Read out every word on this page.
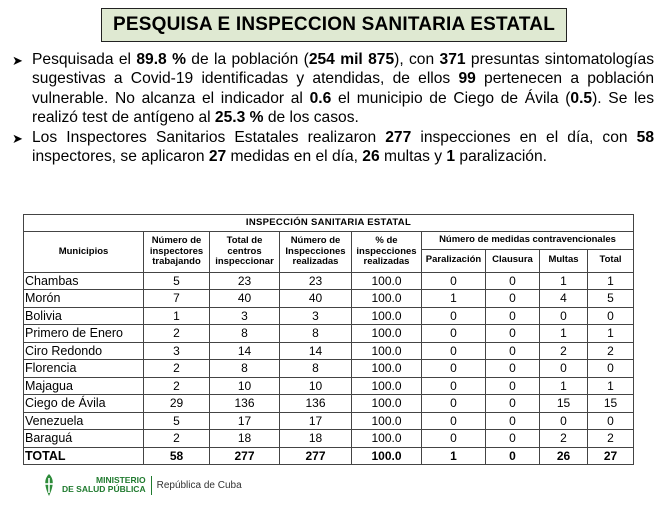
PESQUISA E INSPECCION SANITARIA ESTATAL
➤ Pesquisada el 89.8 % de la población (254 mil 875), con 371 presuntas sintomatologías sugestivas a Covid-19 identificadas y atendidas, de ellos 99 pertenecen a población vulnerable. No alcanza el indicador al 0.6 el municipio de Ciego de Ávila (0.5). Se les realizó test de antígeno al 25.3 % de los casos.
➤ Los Inspectores Sanitarios Estatales realizaron 277 inspecciones en el día, con 58 inspectores, se aplicaron 27 medidas en el día, 26 multas y 1 paralización.
INSPECCIÓN SANITARIA ESTATAL								
Municipios	Número de inspectores trabajando	Total de centros inspeccionar	Número de Inspecciones realizadas	% de inspecciones realizadas	Número de medidas contravencionales			
					Paralización	Clausura	Multas	Total
Chambas	5	23	23	100.0	0	0	1	1
Morón	7	40	40	100.0	1	0	4	5
Bolivia	1	3	3	100.0	0	0	0	0
Primero de Enero	2	8	8	100.0	0	0	1	1
Ciro Redondo	3	14	14	100.0	0	0	2	2
Florencia	2	8	8	100.0	0	0	0	0
Majagua	2	10	10	100.0	0	0	1	1
Ciego de Ávila	29	136	136	100.0	0	0	15	15
Venezuela	5	17	17	100.0	0	0	0	0
Baraguá	2	18	18	100.0	0	0	2	2
TOTAL	58	277	277	100.0	1	0	26	27
MINISTERIO
DE SALUD PÚBLICA	República de Cuba
